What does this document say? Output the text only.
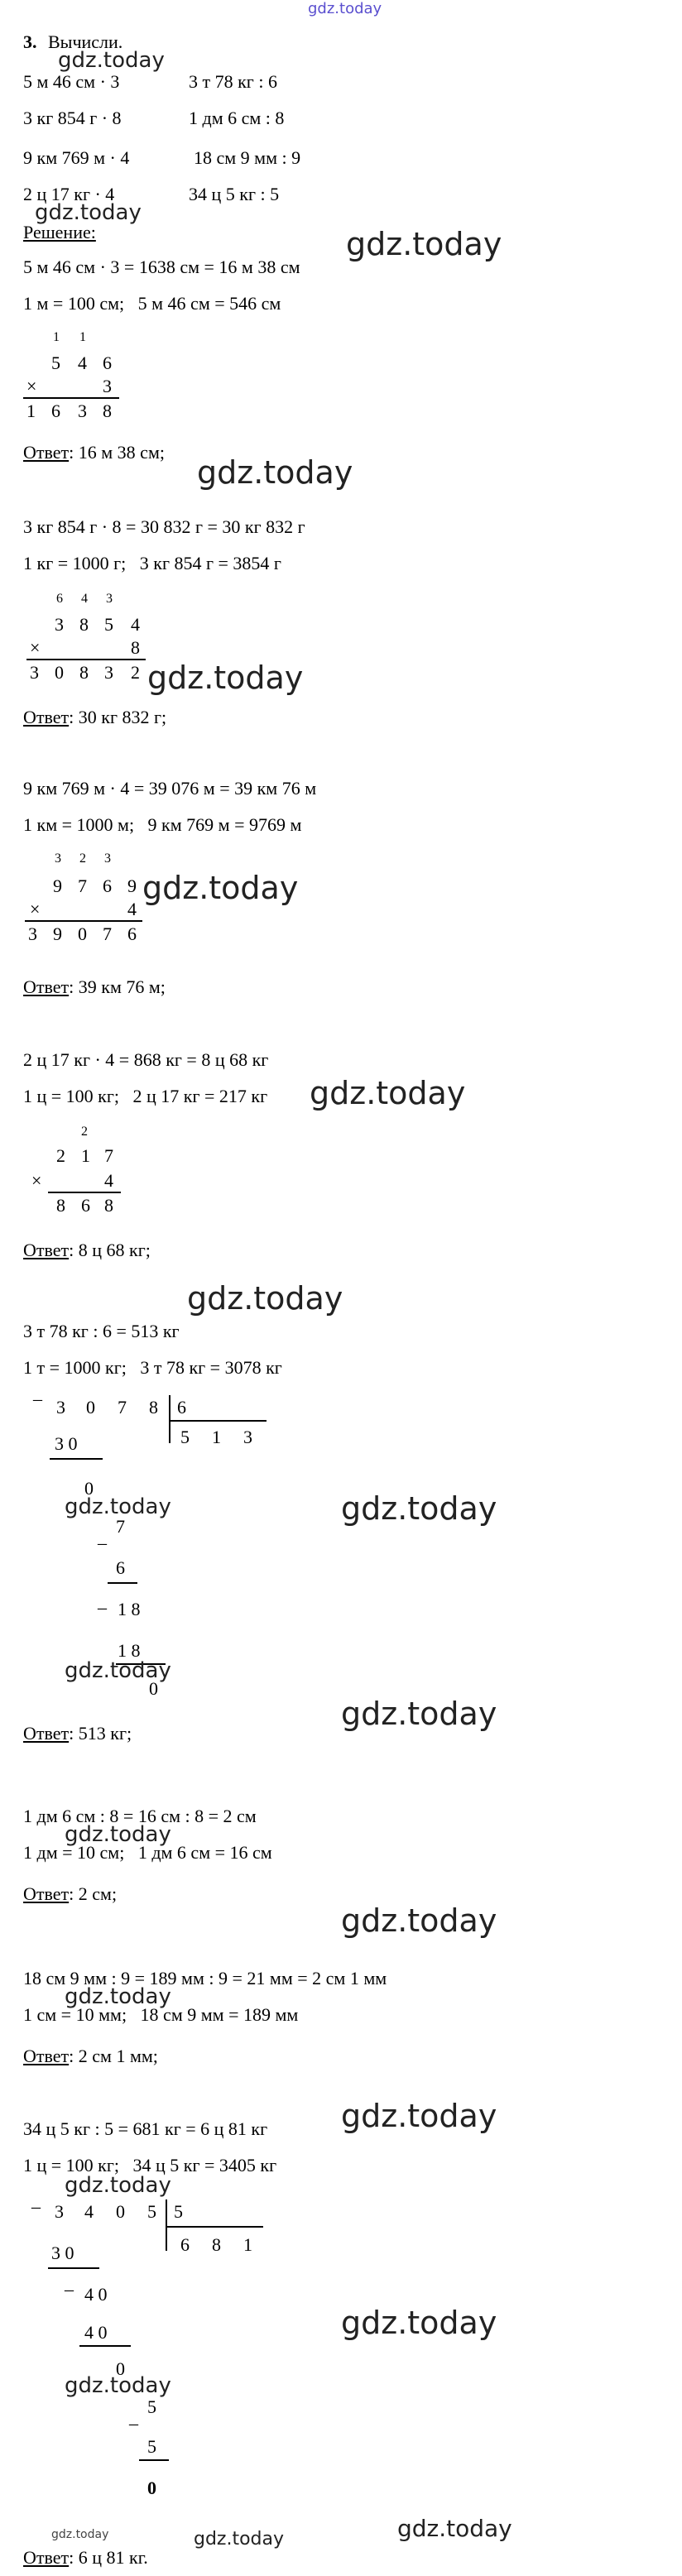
gdz.today
3. Вычисли.
gdz.today
5 м 46 см · 3	3 т 78 кг : 6
3 кг 854 г · 8	1 дм 6 см : 8
9 км 769 м · 4	18 см 9 мм : 9
2 ц 17 кг · 4	34 ц 5 кг : 5
gdz.today
Решение:	gdz.today
5 м 46 см · 3 = 1638 см = 16 м 38 см
1 м = 100 см;   5 м 46 см = 546 см
1 1
5 4 6
×	3
1 6 3 8
Ответ: 16 м 38 см;
gdz.today
3 кг 854 г · 8 = 30 832 г = 30 кг 832 г
1 кг = 1000 г;   3 кг 854 г = 3854 г
6 4 3
3 8 5 4
×	8
3 0 8 3 2 gdz.today
Ответ: 30 кг 832 г;
9 км 769 м · 4 = 39 076 м = 39 км 76 м
1 км = 1000 м;   9 км 769 м = 9769 м
3 2 3
9 7 6 9
×	4
3 9 0 7 6
gdz.today
Ответ: 39 км 76 м;
2 ц 17 кг · 4 = 868 кг = 8 ц 68 кг
1 ц = 100 кг;   2 ц 17 кг = 217 кг gdz.today
2
2 1 7
×	4
8 6 8
Ответ: 8 ц 68 кг;
gdz.today
3 т 78 кг : 6 = 513 кг
1 т = 1000 кг;   3 т 78 кг = 3078 кг
_
3 0 7 8 6
5 1 3
3 0
0
gdz.today
7
_
6
_ 1 8
1 8
gdz.today
0
gdz.today
gdz.today
Ответ: 513 кг;
1 дм 6 см : 8 = 16 см : 8 = 2 см
gdz.today
1 дм = 10 см;   1 дм 6 см = 16 см
Ответ: 2 см;
gdz.today
18 см 9 мм : 9 = 189 мм : 9 = 21 мм = 2 см 1 мм
gdz.today
1 см = 10 мм;   18 см 9 мм = 189 мм
Ответ: 2 см 1 мм;
gdz.today
34 ц 5 кг : 5 = 681 кг = 6 ц 81 кг
1 ц = 100 кг;   34 ц 5 кг = 3405 кг
gdz.today
_
3 4 0 5 5
6 8 1
3 0
_
4 0
4 0
0
gdz.today
gdz.today
5
_
5
0
gdz.today	gdz.today	gdz.today
Ответ: 6 ц 81 кг.
